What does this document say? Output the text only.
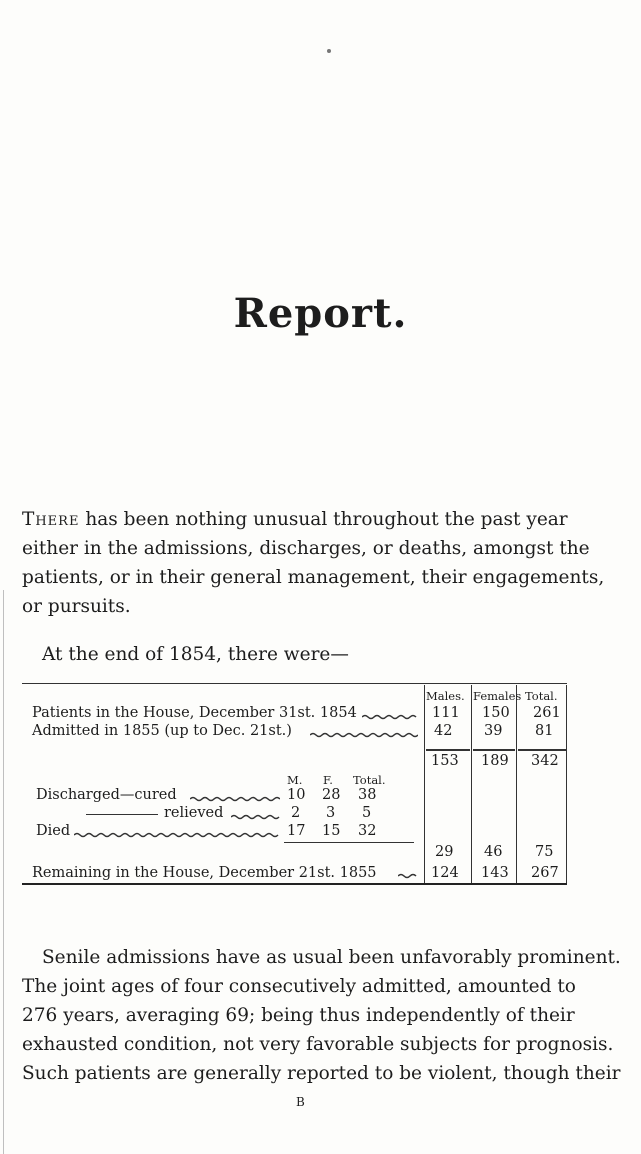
Report.
There has been nothing unusual throughout the past year
either in the admissions, discharges, or deaths, amongst the
patients, or in their general management, their engagements,
or pursuits.
At the end of 1854, there were—
Males. Females Total.
Patients in the House, December 31st. 1854	111 150 261
Admitted in 1855 (up to Dec. 21st.)	42 39 81
153 189 342
M. F. Total.
Discharged—cured	10 28 38
relieved	2 3 5
Died	17 15 32
29 46 75
Remaining in the House, December 21st. 1855	124 143 267
Senile admissions have as usual been unfavorably prominent.
The joint ages of four consecutively admitted, amounted to
276 years, averaging 69; being thus independently of their
exhausted condition, not very favorable subjects for prognosis.
Such patients are generally reported to be violent, though their
B
